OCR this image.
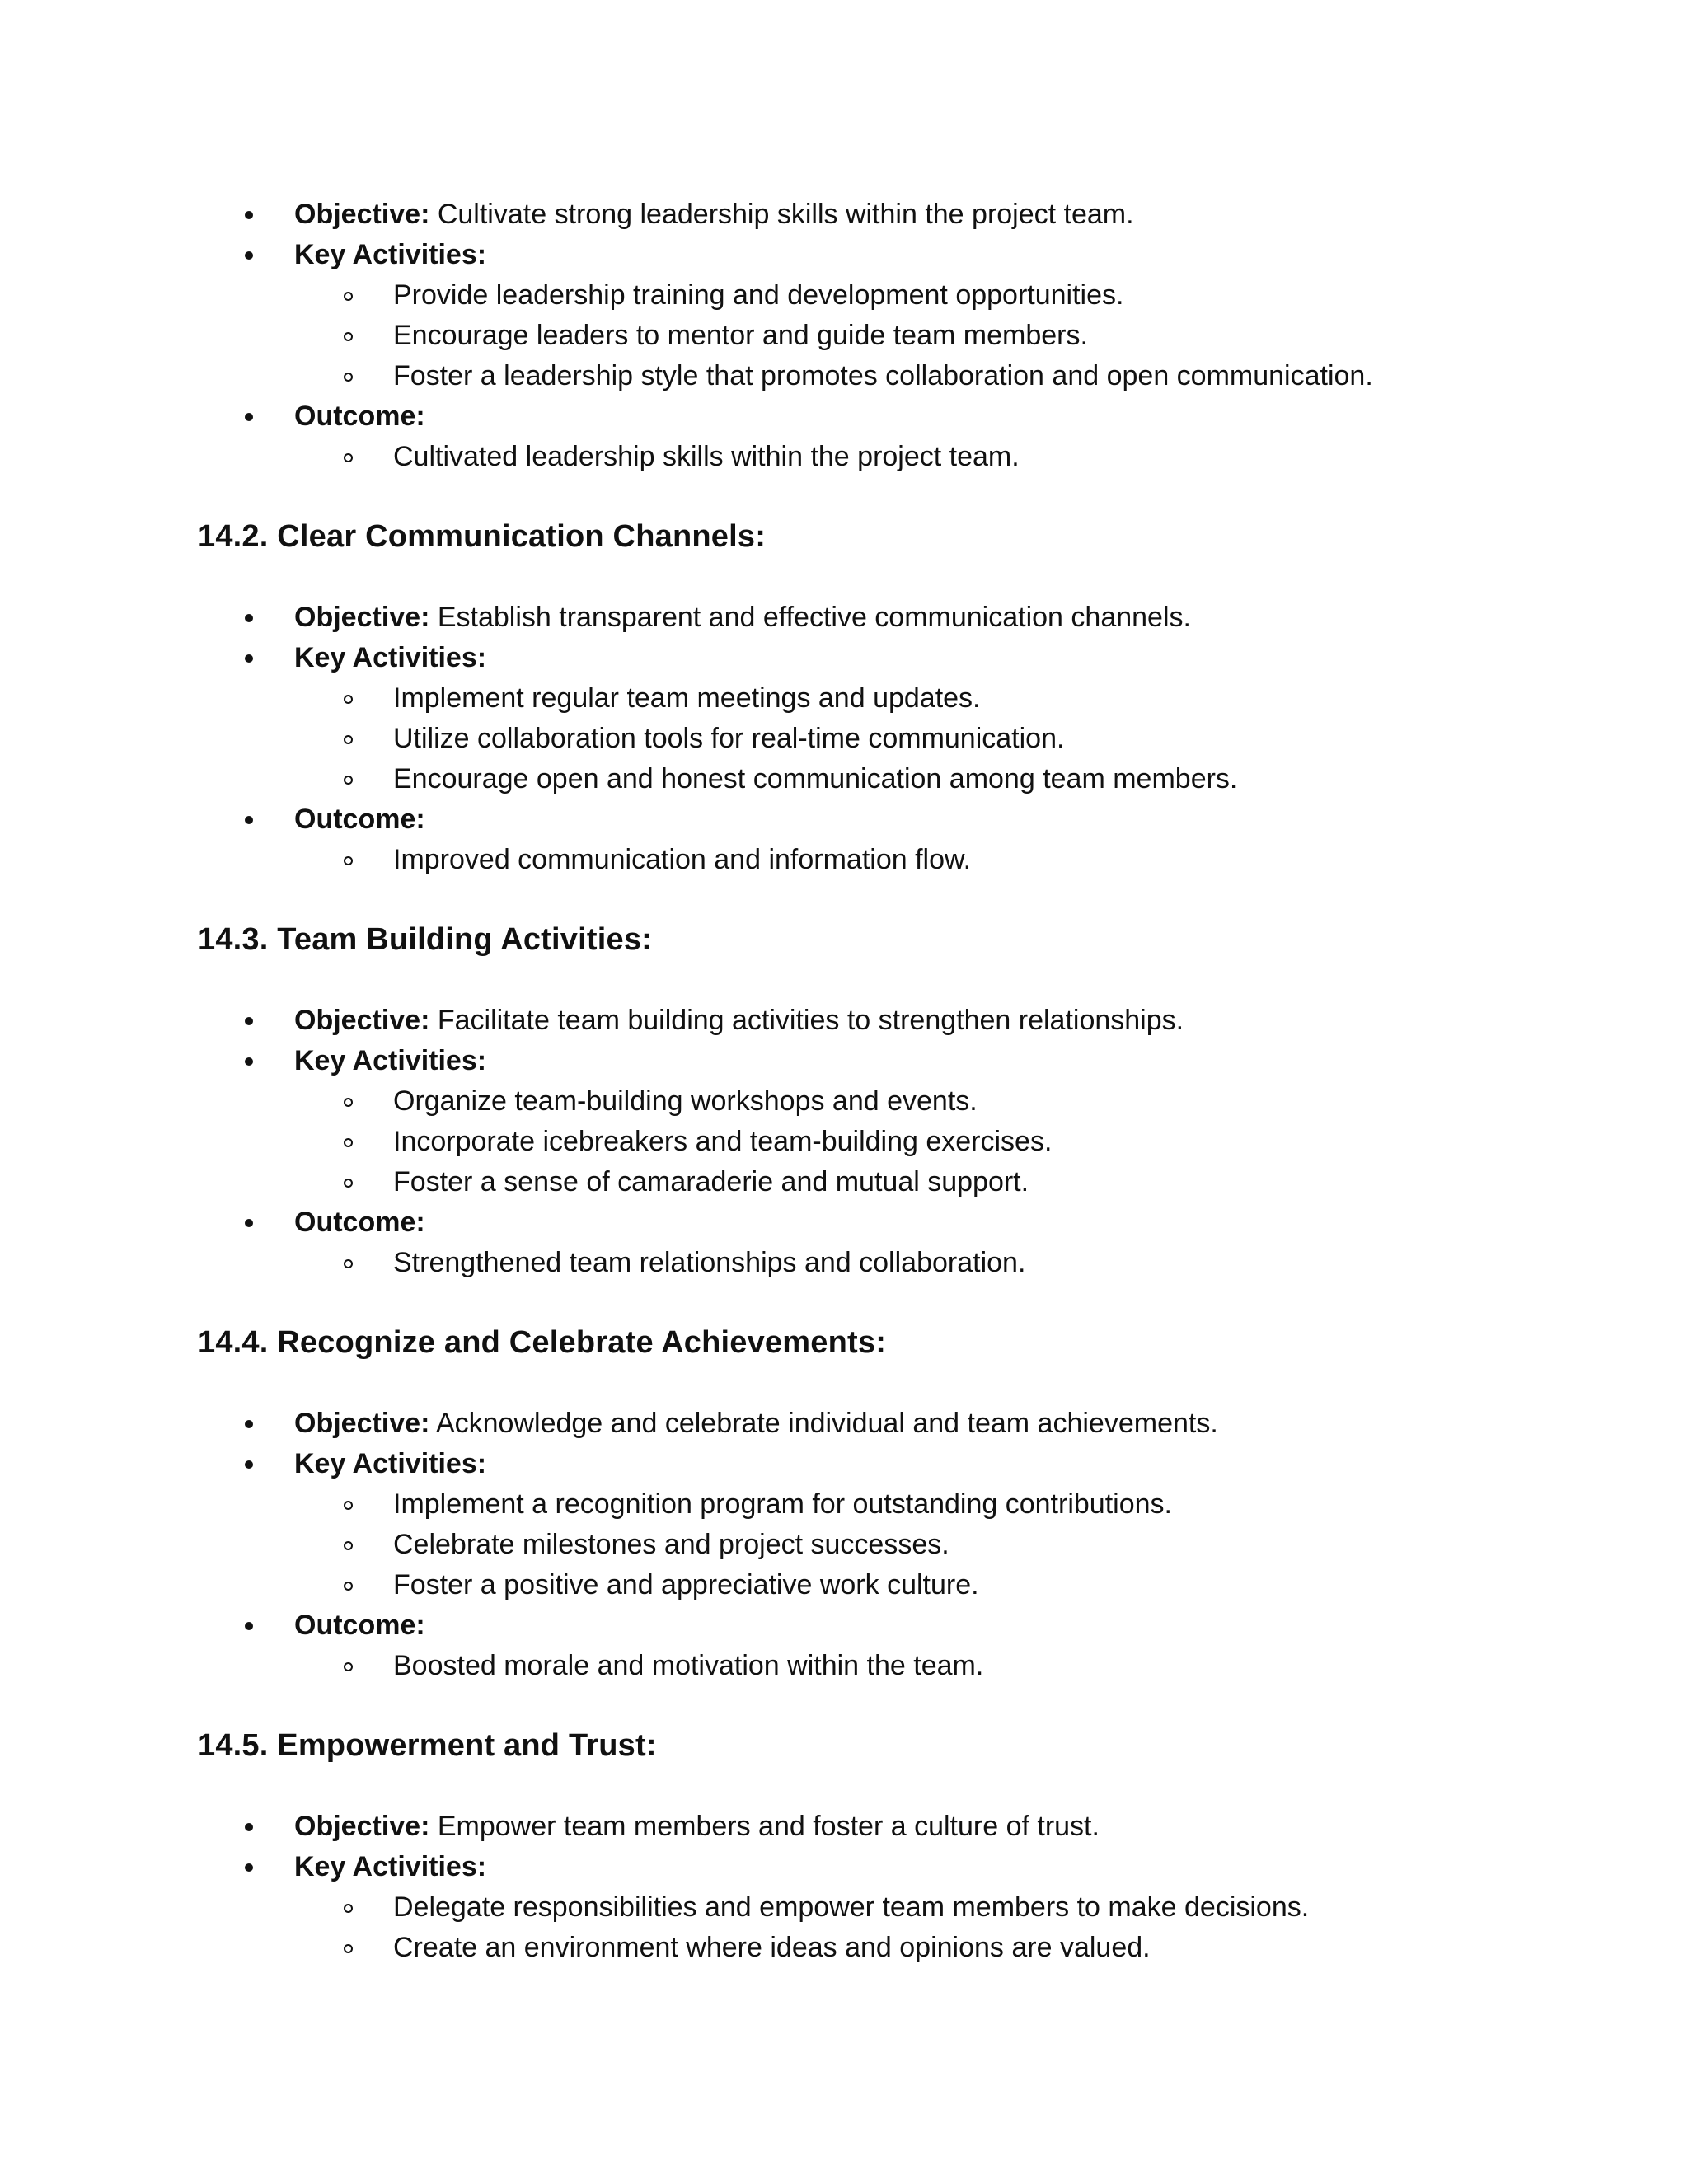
Objective: Cultivate strong leadership skills within the project team.
Key Activities:
Provide leadership training and development opportunities.
Encourage leaders to mentor and guide team members.
Foster a leadership style that promotes collaboration and open communication.
Outcome:
Cultivated leadership skills within the project team.
14.2. Clear Communication Channels:
Objective: Establish transparent and effective communication channels.
Key Activities:
Implement regular team meetings and updates.
Utilize collaboration tools for real-time communication.
Encourage open and honest communication among team members.
Outcome:
Improved communication and information flow.
14.3. Team Building Activities:
Objective: Facilitate team building activities to strengthen relationships.
Key Activities:
Organize team-building workshops and events.
Incorporate icebreakers and team-building exercises.
Foster a sense of camaraderie and mutual support.
Outcome:
Strengthened team relationships and collaboration.
14.4. Recognize and Celebrate Achievements:
Objective: Acknowledge and celebrate individual and team achievements.
Key Activities:
Implement a recognition program for outstanding contributions.
Celebrate milestones and project successes.
Foster a positive and appreciative work culture.
Outcome:
Boosted morale and motivation within the team.
14.5. Empowerment and Trust:
Objective: Empower team members and foster a culture of trust.
Key Activities:
Delegate responsibilities and empower team members to make decisions.
Create an environment where ideas and opinions are valued.
